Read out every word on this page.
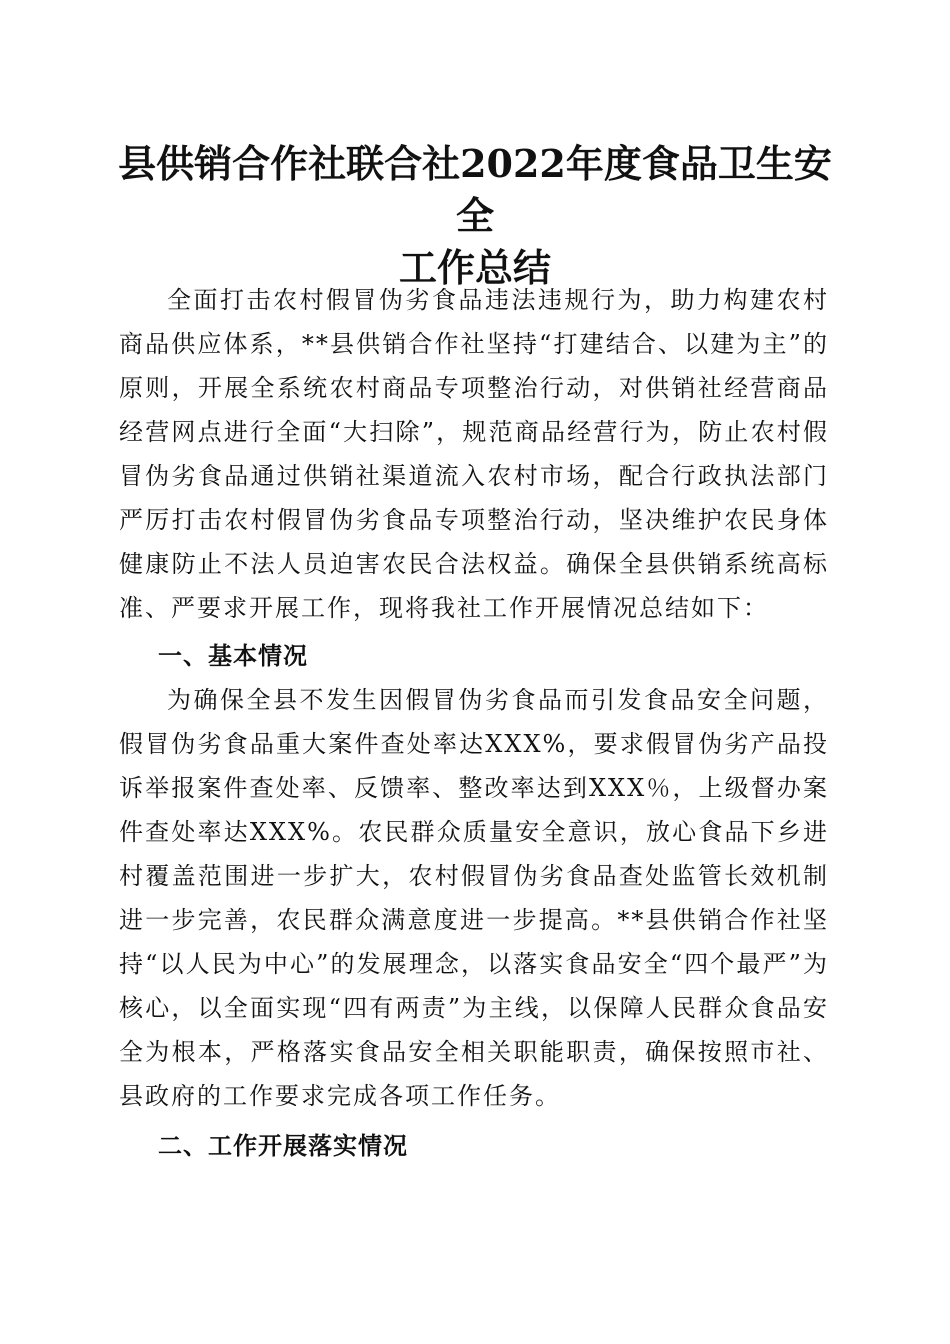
县供销合作社联合社2022年度食品卫生安全
工作总结

全面打击农村假冒伪劣食品违法违规行为，助力构建农村商品供应体系，**县供销合作社坚持“打建结合、以建为主”的原则，开展全系统农村商品专项整治行动，对供销社经营商品经营网点进行全面“大扫除”，规范商品经营行为，防止农村假冒伪劣食品通过供销社渠道流入农村市场，配合行政执法部门严厉打击农村假冒伪劣食品专项整治行动，坚决维护农民身体健康防止不法人员迫害农民合法权益。确保全县供销系统高标准、严要求开展工作，现将我社工作开展情况总结如下：

一、基本情况

为确保全县不发生因假冒伪劣食品而引发食品安全问题，假冒伪劣食品重大案件查处率达XXX%，要求假冒伪劣产品投诉举报案件查处率、反馈率、整改率达到XXX％，上级督办案件查处率达XXX%。农民群众质量安全意识，放心食品下乡进村覆盖范围进一步扩大，农村假冒伪劣食品查处监管长效机制进一步完善，农民群众满意度进一步提高。**县供销合作社坚持“以人民为中心”的发展理念，以落实食品安全“四个最严”为核心，以全面实现“四有两责”为主线，以保障人民群众食品安全为根本，严格落实食品安全相关职能职责，确保按照市社、县政府的工作要求完成各项工作任务。

二、工作开展落实情况
